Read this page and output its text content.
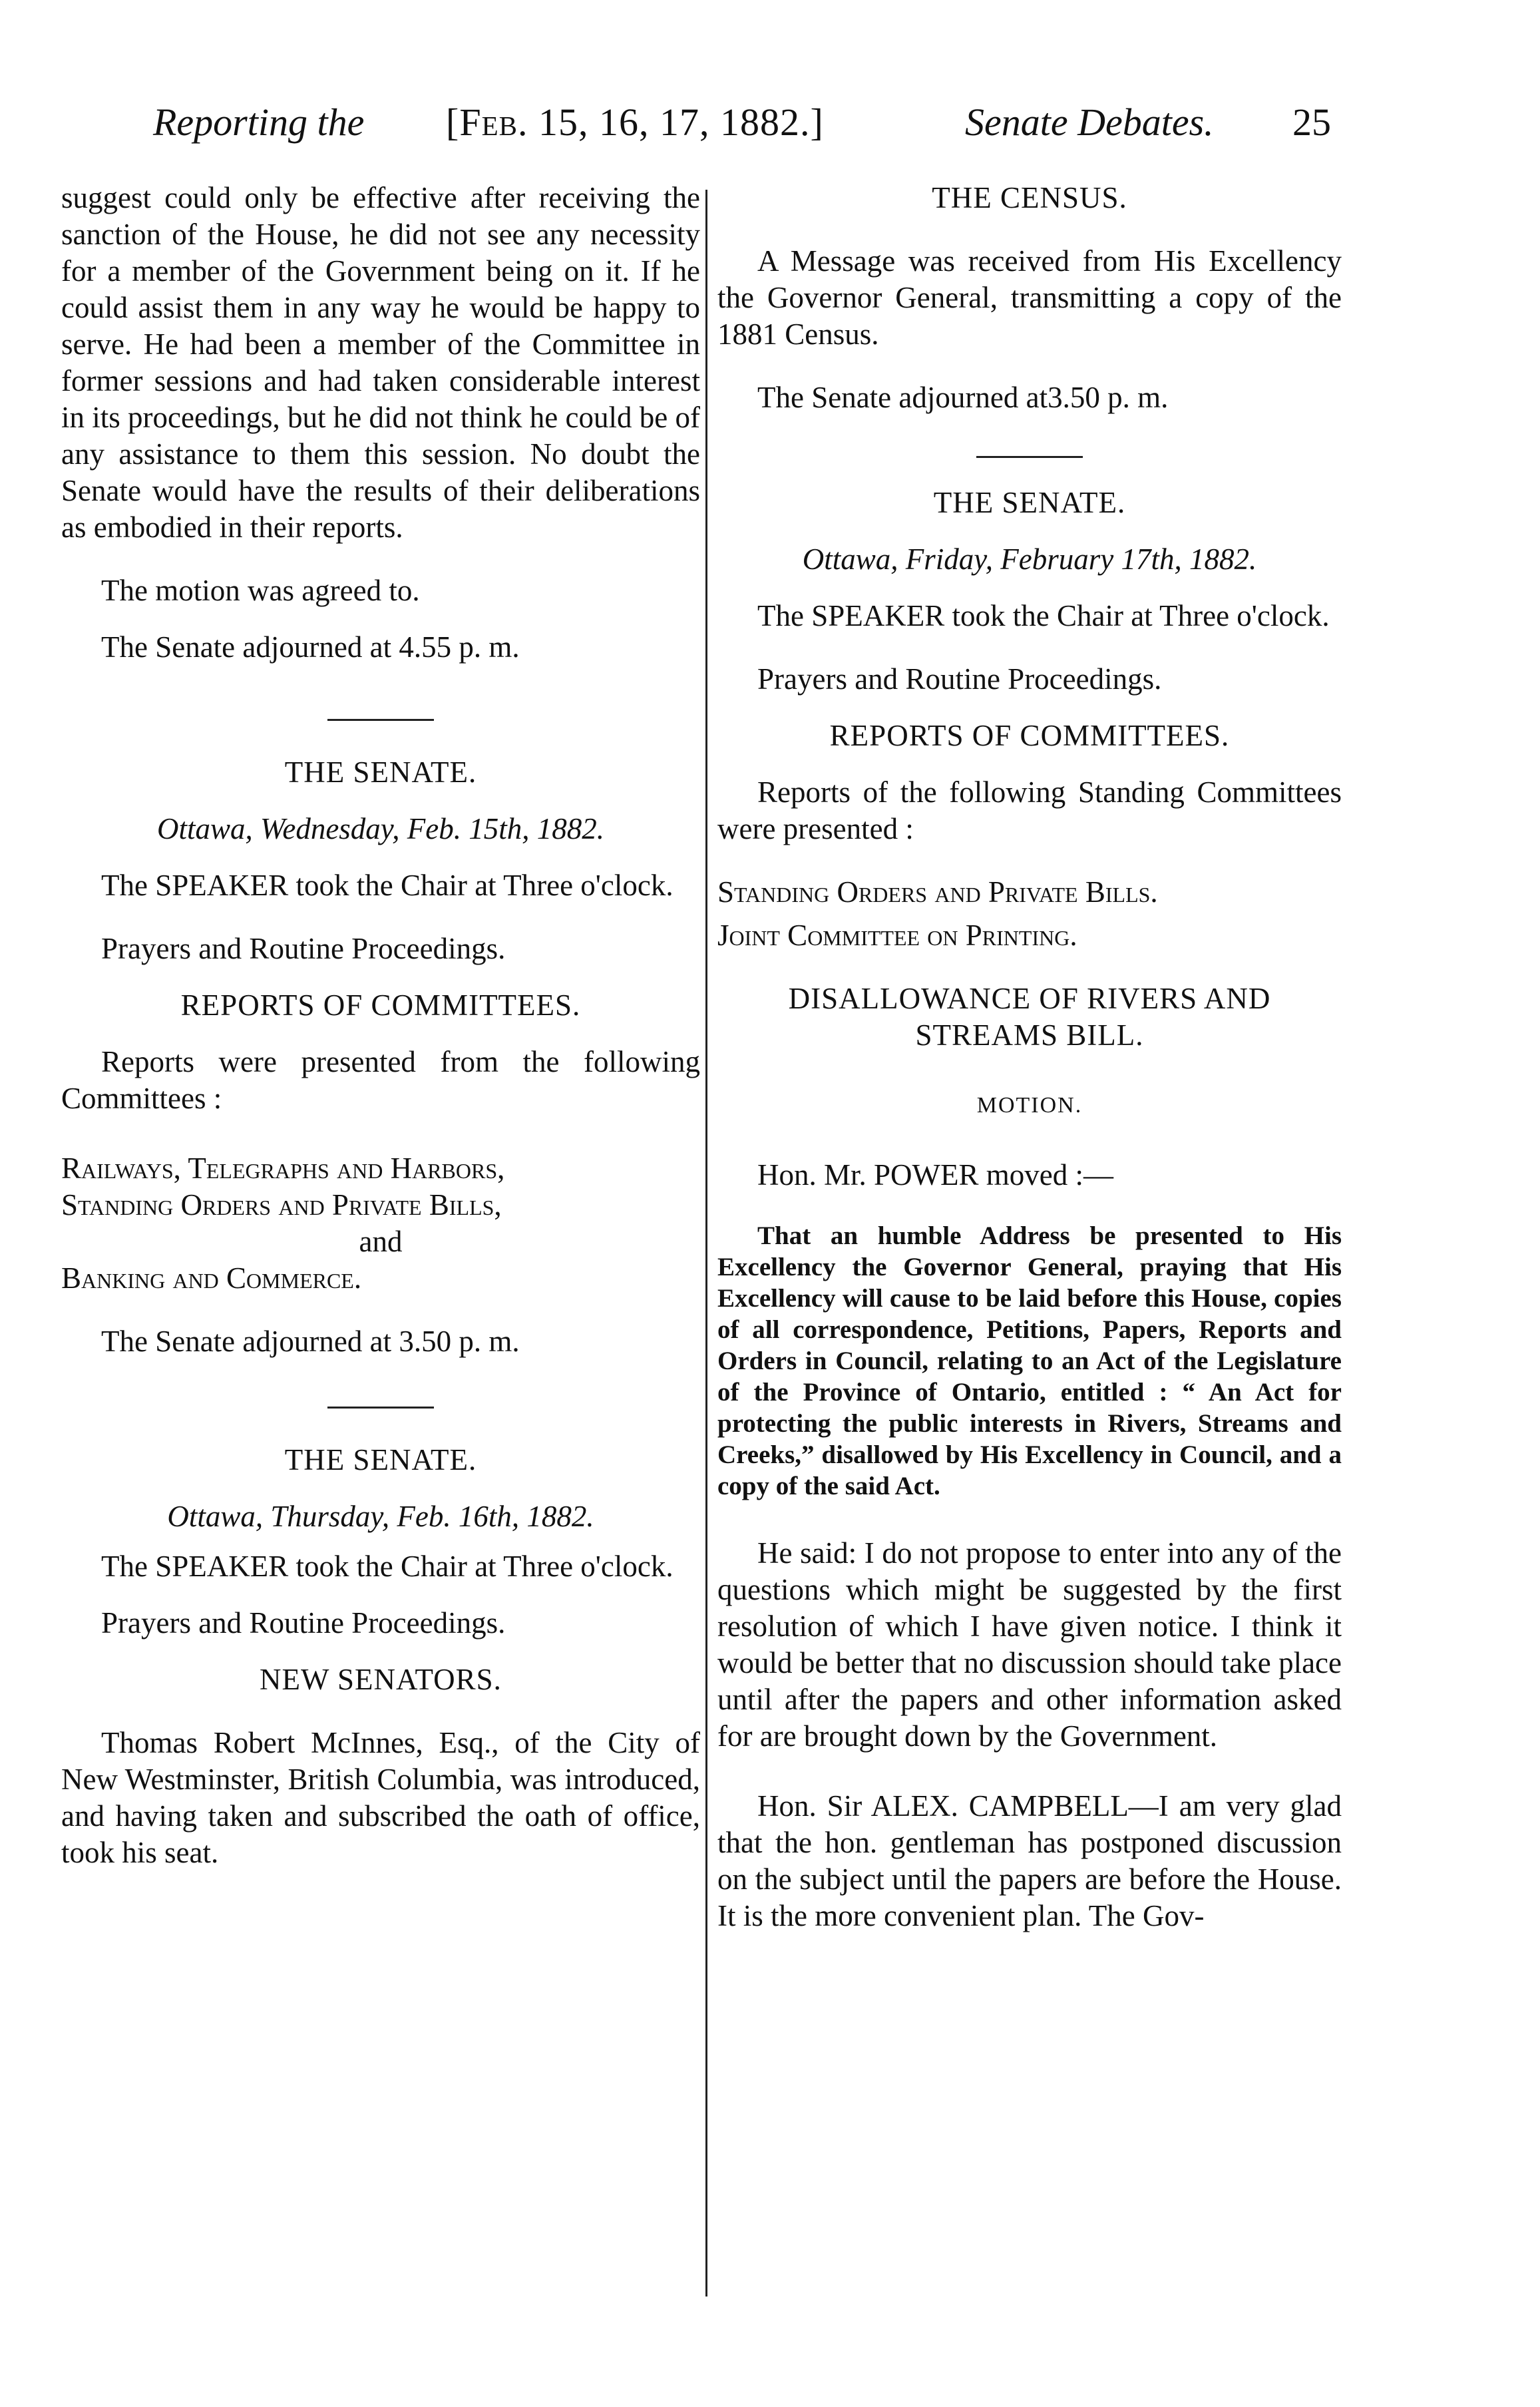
Reporting the [Feb. 15, 16, 17, 1882.]	Senate Debates. 25

suggest could only be effective after receiving the sanction of the House, he did not see any necessity for a member of the Government being on it. If he could assist them in any way he would be happy to serve. He had been a member of the Committee in former sessions and had taken considerable interest in its proceedings, but he did not think he could be of any assistance to them this session. No doubt the Senate would have the results of their deliberations as embodied in their reports.

The motion was agreed to.

The Senate adjourned at 4.55 p. m.

THE SENATE.

Ottawa, Wednesday, Feb. 15th, 1882.

The SPEAKER took the Chair at Three o'clock.

Prayers and Routine Proceedings.

REPORTS OF COMMITTEES.

Reports were presented from the following Committees :

Railways, Telegraphs and Harbors,

Standing Orders and Private Bills,

and

Banking and Commerce.

The Senate adjourned at 3.50 p. m.

THE SENATE.

Ottawa, Thursday, Feb. 16th, 1882.

The SPEAKER took the Chair at Three o'clock.

Prayers and Routine Proceedings.

NEW SENATORS.

Thomas Robert McInnes, Esq., of the City of New Westminster, British Columbia, was introduced, and having taken and subscribed the oath of office, took his seat.

THE CENSUS.

A Message was received from His Excellency the Governor General, transmitting a copy of the 1881 Census.

The Senate adjourned at3.50 p. m.

THE SENATE.

Ottawa, Friday, February 17th, 1882.

The SPEAKER took the Chair at Three o'clock.

Prayers and Routine Proceedings.

REPORTS OF COMMITTEES.

Reports of the following Standing Committees were presented :

Standing Orders and Private Bills.

Joint Committee on Printing.

DISALLOWANCE OF RIVERS AND STREAMS BILL.

MOTION.

Hon. Mr. POWER moved :—

That an humble Address be presented to His Excellency the Governor General, praying that His Excellency will cause to be laid before this House, copies of all correspondence, Petitions, Papers, Reports and Orders in Council, relating to an Act of the Legislature of the Province of Ontario, entitled : “ An Act for protecting the public interests in Rivers, Streams and Creeks,” disallowed by His Excellency in Council, and a copy of the said Act.

He said: I do not propose to enter into any of the questions which might be suggested by the first resolution of which I have given notice. I think it would be better that no discussion should take place until after the papers and other information asked for are brought down by the Government.

Hon. Sir ALEX. CAMPBELL—I am very glad that the hon. gentleman has postponed discussion on the subject until the papers are before the House. It is the more convenient plan. The Gov-
